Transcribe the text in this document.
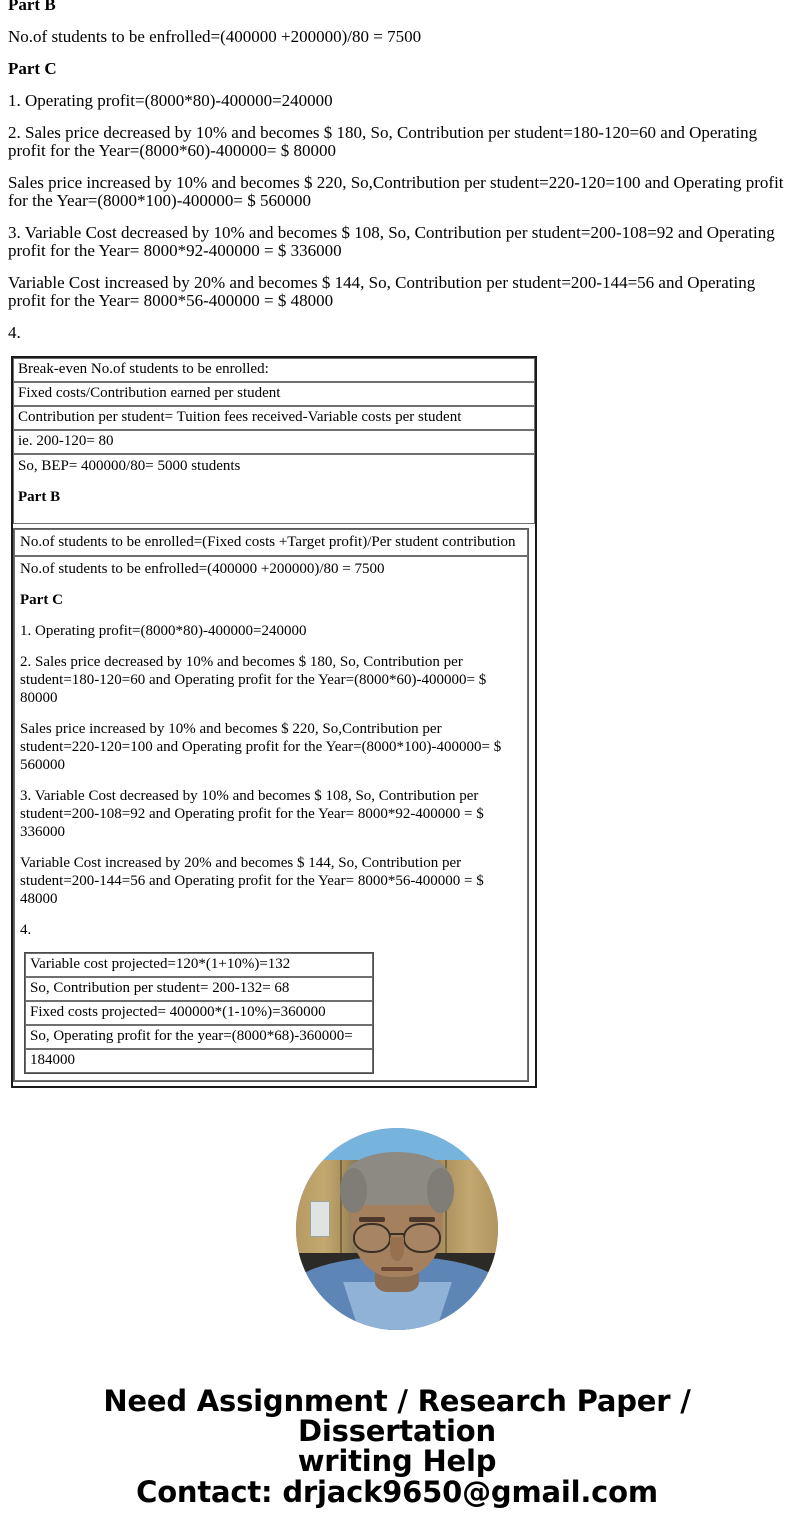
Part B
No.of students to be enfrolled=(400000 +200000)/80 = 7500
Part C
1. Operating profit=(8000*80)-400000=240000
2. Sales price decreased by 10% and becomes $ 180, So, Contribution per student=180-120=60 and Operating profit for the Year=(8000*60)-400000= $ 80000
Sales price increased by 10% and becomes $ 220, So,Contribution per student=220-120=100 and Operating profit for the Year=(8000*100)-400000= $ 560000
3. Variable Cost decreased by 10% and becomes $ 108, So, Contribution per student=200-108=92 and Operating profit for the Year= 8000*92-400000 = $ 336000
Variable Cost increased by 20% and becomes $ 144, So, Contribution per student=200-144=56 and Operating profit for the Year= 8000*56-400000 = $ 48000
4.
Break-even No.of students to be enrolled:
Fixed costs/Contribution earned per student
Contribution per student= Tuition fees received-Variable costs per student
ie. 200-120= 80

So, BEP= 400000/80= 5000 students
Part B

No.of students to be enrolled=(Fixed costs +Target profit)/Per student contribution

No.of students to be enfrolled=(400000 +200000)/80 = 7500
Part C
1. Operating profit=(8000*80)-400000=240000
2. Sales price decreased by 10% and becomes $ 180, So, Contribution per student=180-120=60 and Operating profit for the Year=(8000*60)-400000= $ 80000
Sales price increased by 10% and becomes $ 220, So,Contribution per student=220-120=100 and Operating profit for the Year=(8000*100)-400000= $ 560000
3. Variable Cost decreased by 10% and becomes $ 108, So, Contribution per student=200-108=92 and Operating profit for the Year= 8000*92-400000 = $ 336000
Variable Cost increased by 20% and becomes $ 144, So, Contribution per student=200-144=56 and Operating profit for the Year= 8000*56-400000 = $ 48000
4.
Variable cost projected=120*(1+10%)=132
So, Contribution per student= 200-132= 68
Fixed costs projected= 400000*(1-10%)=360000
So, Operating profit for the year=(8000*68)-360000=
184000
Need Assignment / Research Paper / Dissertation
writing Help
Contact: drjack9650@gmail.com
